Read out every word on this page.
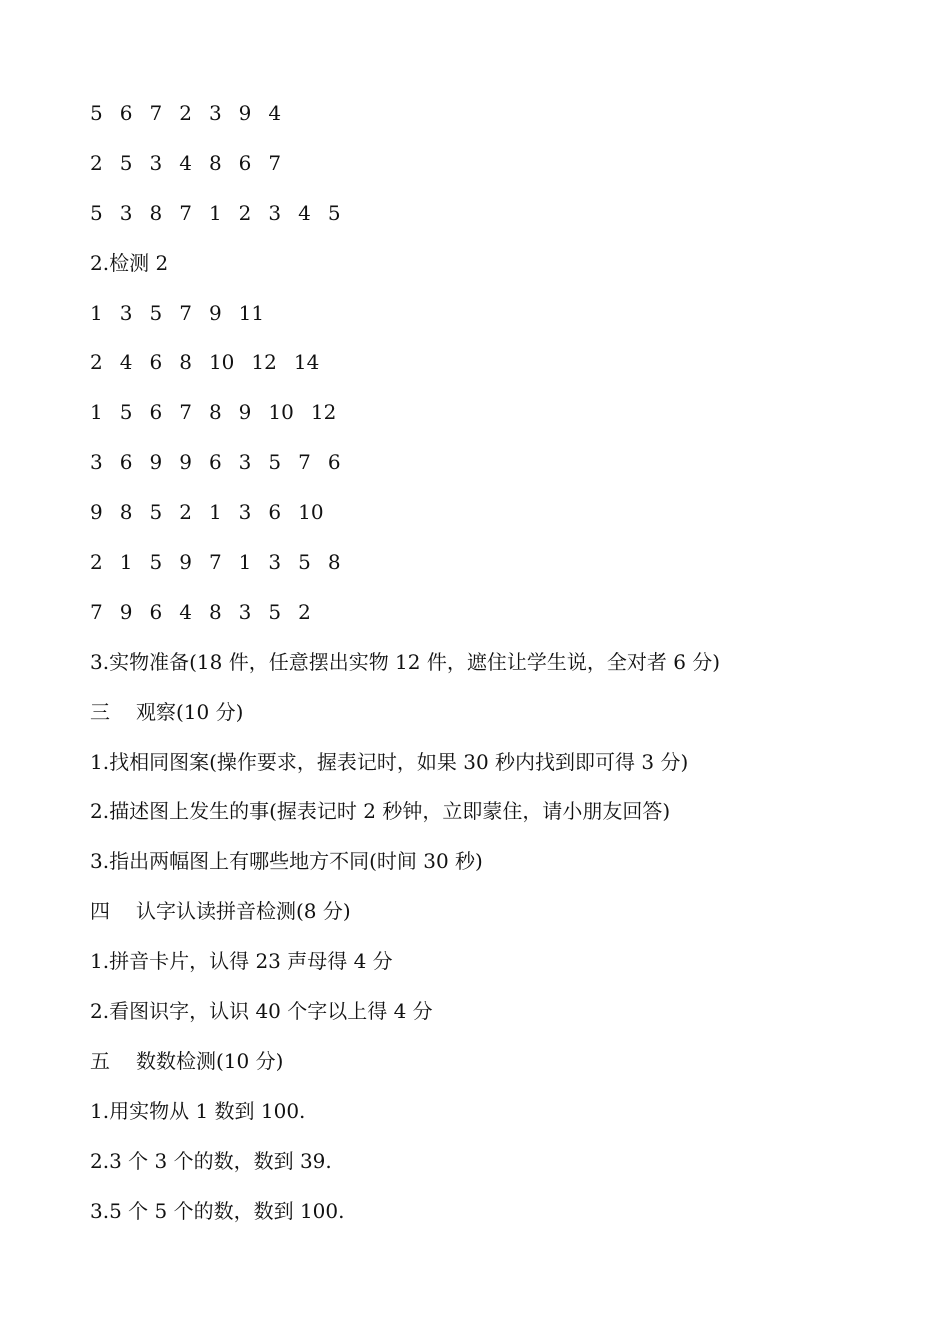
5 6 7 2 3 9 4
2 5 3 4 8 6 7
5 3 8 7 1 2 3 4 5
2.检测 2
1 3 5 7 9 11
2 4 6 8 10 12 14
1 5 6 7 8 9 10 12
3 6 9 9 6 3 5 7 6
9 8 5 2 1 3 6 10
2 1 5 9 7 1 3 5 8
7 9 6 4 8 3 5 2
3.实物准备(18 件，任意摆出实物 12 件，遮住让学生说，全对者 6 分)
三	观察(10 分)
1.找相同图案(操作要求，握表记时，如果 30 秒内找到即可得 3 分)
2.描述图上发生的事(握表记时 2 秒钟，立即蒙住，请小朋友回答)
3.指出两幅图上有哪些地方不同(时间 30 秒)
四	认字认读拼音检测(8 分)
1.拼音卡片，认得 23 声母得 4 分
2.看图识字，认识 40 个字以上得 4 分
五	数数检测(10 分)
1.用实物从 1 数到 100.
2.3 个 3 个的数，数到 39.
3.5 个 5 个的数，数到 100.
